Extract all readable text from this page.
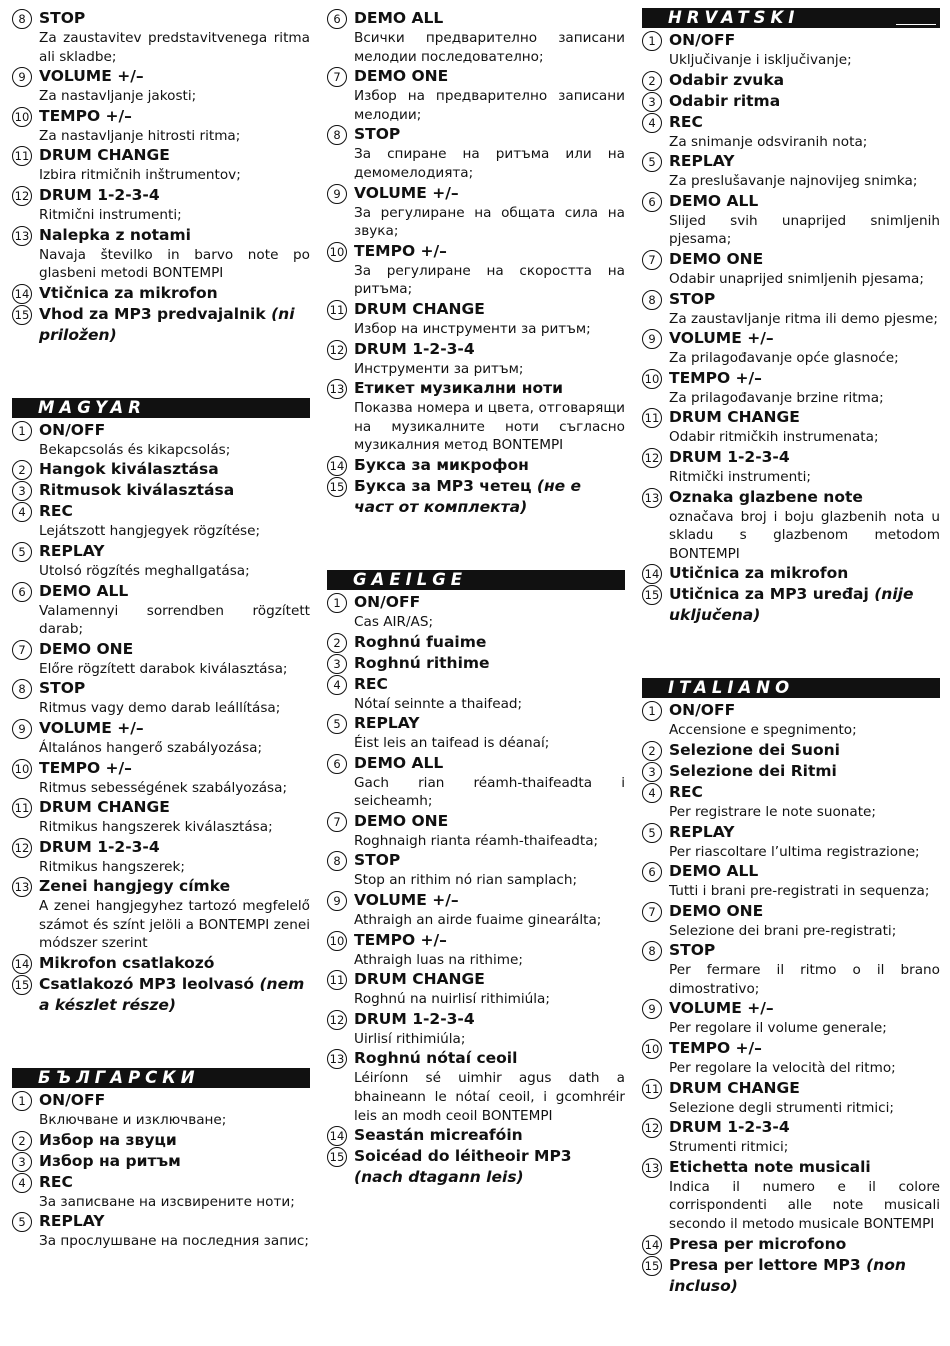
8 STOP
Za zaustavitev predstavitvenega ritma ali skladbe;
9 VOLUME +/–
Za nastavljanje jakosti;
10 TEMPO +/–
Za nastavljanje hitrosti ritma;
11 DRUM CHANGE
Izbira ritmičnih inštrumentov;
12 DRUM 1-2-3-4
Ritmični instrumenti;
13 Nalepka z notami
Navaja številko in barvo note po glasbeni metodi BONTEMPI
14 Vtičnica za mikrofon
15 Vhod za MP3 predvajalnik (ni priložen)
MAGYAR
1 ON/OFF
Bekapcsolás és kikapcsolás;
2 Hangok kiválasztása
3 Ritmusok kiválasztása
4 REC
Lejátszott hangjegyek rögzítése;
5 REPLAY
Utolsó rögzítés meghallgatása;
6 DEMO ALL
Valamennyi sorrendben rögzített darab;
7 DEMO ONE
Előre rögzített darabok kiválasztása;
8 STOP
Ritmus vagy demo darab leállítása;
9 VOLUME +/–
Általános hangerő szabályozása;
10 TEMPO +/–
Ritmus sebességének szabályozása;
11 DRUM CHANGE
Ritmikus hangszerek kiválasztása;
12 DRUM 1-2-3-4
Ritmikus hangszerek;
13 Zenei hangjegy címke
A zenei hangjegyhez tartozó megfelelő számot és színt jelöli a BONTEMPI zenei módszer szerint
14 Mikrofon csatlakozó
15 Csatlakozó MP3 leolvasó (nem a készlet része)
БЪЛГАРСКИ
1 ON/OFF
Включване и изключване;
2 Избор на звуци
3 Избор на ритъм
4 REC
За записване на изсвирените ноти;
5 REPLAY
За прослушване на последния запис;
6 DEMO ALL
Всички предварително записани мелодии последователно;
7 DEMO ONE
Избор на предварително записани мелодии;
8 STOP
За спиране на ритъма или на демомелодията;
9 VOLUME +/–
За регулиране на общата сила на звука;
10 TEMPO +/–
За регулиране на скоростта на ритъма;
11 DRUM CHANGE
Избор на инструменти за ритъм;
12 DRUM 1-2-3-4
Инструменти за ритъм;
13 Етикет музикални ноти
Показва номера и цвета, отговарящи на музикалните ноти съгласно музикалния метод BONTEMPI
14 Букса за микрофон
15 Букса за MP3 четец (не е част от комплекта)
GAEILGE
1 ON/OFF
Cas AIR/AS;
2 Roghnú fuaime
3 Roghnú rithime
4 REC
Nótaí seinnte a thaifead;
5 REPLAY
Éist leis an taifead is déanaí;
6 DEMO ALL
Gach rian réamh-thaifeadta i seicheamh;
7 DEMO ONE
Roghnaigh rianta réamh-thaifeadta;
8 STOP
Stop an rithim nó rian samplach;
9 VOLUME +/–
Athraigh an airde fuaime ginearálta;
10 TEMPO +/–
Athraigh luas na rithime;
11 DRUM CHANGE
Roghnú na nuirlisí rithimiúla;
12 DRUM 1-2-3-4
Uirlisí rithimiúla;
13 Roghnú nótaí ceoil
Léiríonn sé uimhir agus dath a bhaineann le nótaí ceoil, i gcomhréir leis an modh ceoil BONTEMPI
14 Seastán micreafóin
15 Soicéad do léitheoir MP3 (nach dtagann leis)
HRVATSKI
1 ON/OFF
Uključivanje i isključivanje;
2 Odabir zvuka
3 Odabir ritma
4 REC
Za snimanje odsviranih nota;
5 REPLAY
Za preslušavanje najnovijeg snimka;
6 DEMO ALL
Slijed svih unaprijed snimljenih pjesama;
7 DEMO ONE
Odabir unaprijed snimljenih pjesama;
8 STOP
Za zaustavljanje ritma ili demo pjesme;
9 VOLUME +/–
Za prilagođavanje opće glasnoće;
10 TEMPO +/–
Za prilagođavanje brzine ritma;
11 DRUM CHANGE
Odabir ritmičkih instrumenata;
12 DRUM 1-2-3-4
Ritmički instrumenti;
13 Oznaka glazbene note
označava broj i boju glazbenih nota u skladu s glazbenom metodom BONTEMPI
14 Utičnica za mikrofon
15 Utičnica za MP3 uređaj (nije uključena)
ITALIANO
1 ON/OFF
Accensione e spegnimento;
2 Selezione dei Suoni
3 Selezione dei Ritmi
4 REC
Per registrare le note suonate;
5 REPLAY
Per riascoltare l’ultima registrazione;
6 DEMO ALL
Tutti i brani pre-registrati in sequenza;
7 DEMO ONE
Selezione dei brani pre-registrati;
8 STOP
Per fermare il ritmo o il brano dimostrativo;
9 VOLUME +/–
Per regolare il volume generale;
10 TEMPO +/–
Per regolare la velocità del ritmo;
11 DRUM CHANGE
Selezione degli strumenti ritmici;
12 DRUM 1-2-3-4
Strumenti ritmici;
13 Etichetta note musicali
Indica il numero e il colore corrispondenti alle note musicali secondo il metodo musicale BONTEMPI
14 Presa per microfono
15 Presa per lettore MP3 (non incluso)
